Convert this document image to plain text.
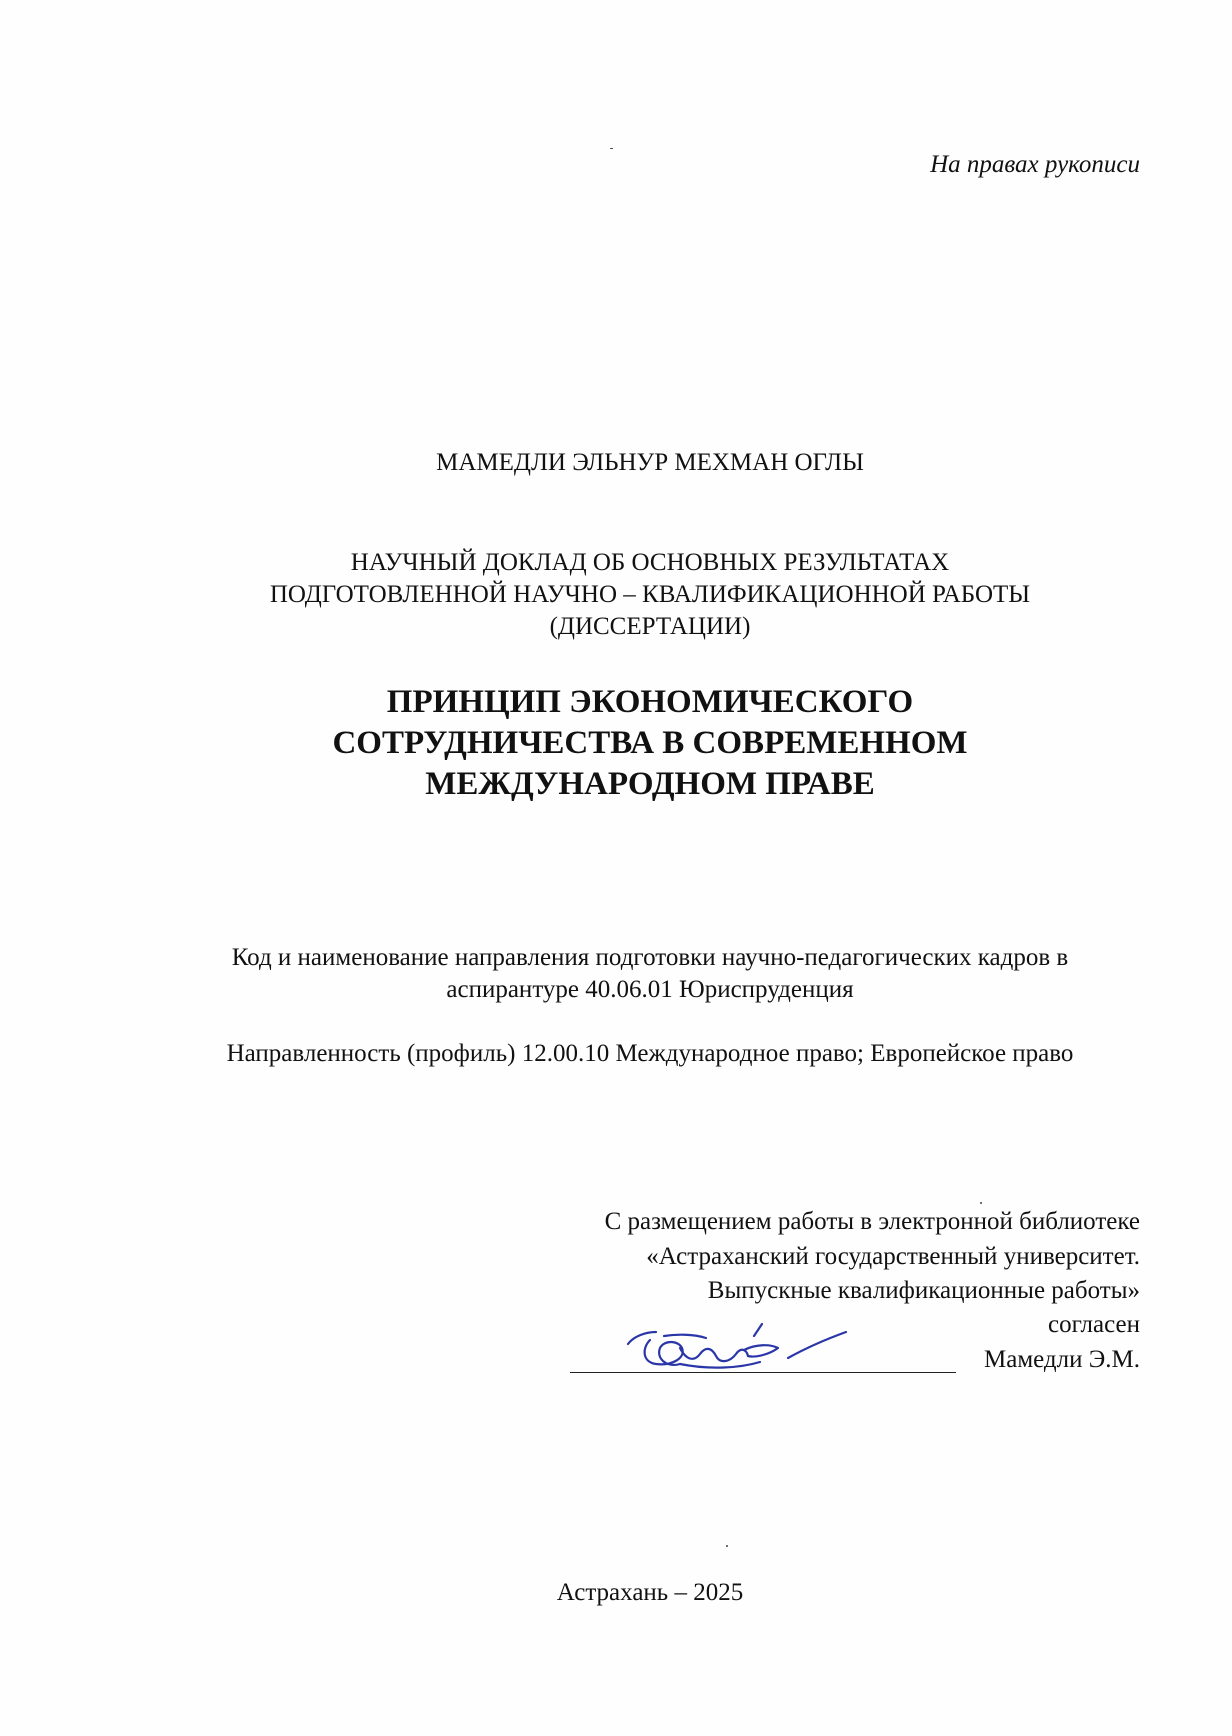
На правах рукописи
МАМЕДЛИ ЭЛЬНУР МЕХМАН ОГЛЫ
НАУЧНЫЙ ДОКЛАД ОБ ОСНОВНЫХ РЕЗУЛЬТАТАХ
ПОДГОТОВЛЕННОЙ НАУЧНО – КВАЛИФИКАЦИОННОЙ РАБОТЫ
(ДИССЕРТАЦИИ)
ПРИНЦИП ЭКОНОМИЧЕСКОГО
СОТРУДНИЧЕСТВА В СОВРЕМЕННОМ
МЕЖДУНАРОДНОМ ПРАВЕ
Код и наименование направления подготовки научно-педагогических кадров в
аспирантуре 40.06.01 Юриспруденция
Направленность (профиль) 12.00.10 Международное право; Европейское право
С размещением работы в электронной библиотеке
«Астраханский государственный университет.
Выпускные квалификационные работы»
согласен
Мамедли Э.М.
Астрахань – 2025
